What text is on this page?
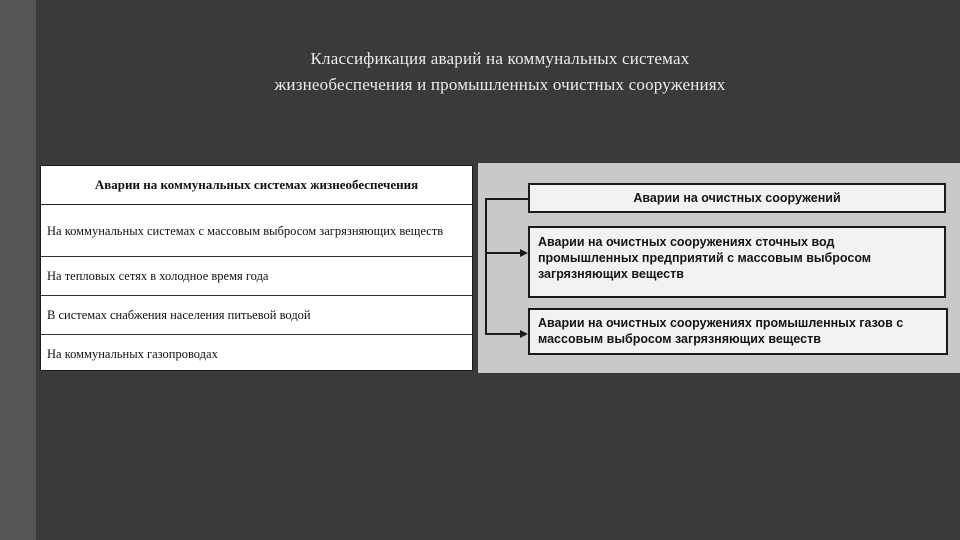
Классификация аварий на коммунальных системах
жизнеобеспечения и промышленных очистных сооружениях
Аварии на коммунальных системах жизнеобеспечения
На коммунальных системах с массовым выбросом загрязняющих веществ
На тепловых сетях в холодное время года
В системах снабжения населения питьевой водой
На коммунальных газопроводах
Аварии на очистных сооружений
Аварии на очистных сооружениях сточных вод промышленных предприятий с массовым выбросом загрязняющих веществ
Аварии на очистных сооружениях промышленных газов с массовым выбросом загрязняющих веществ
